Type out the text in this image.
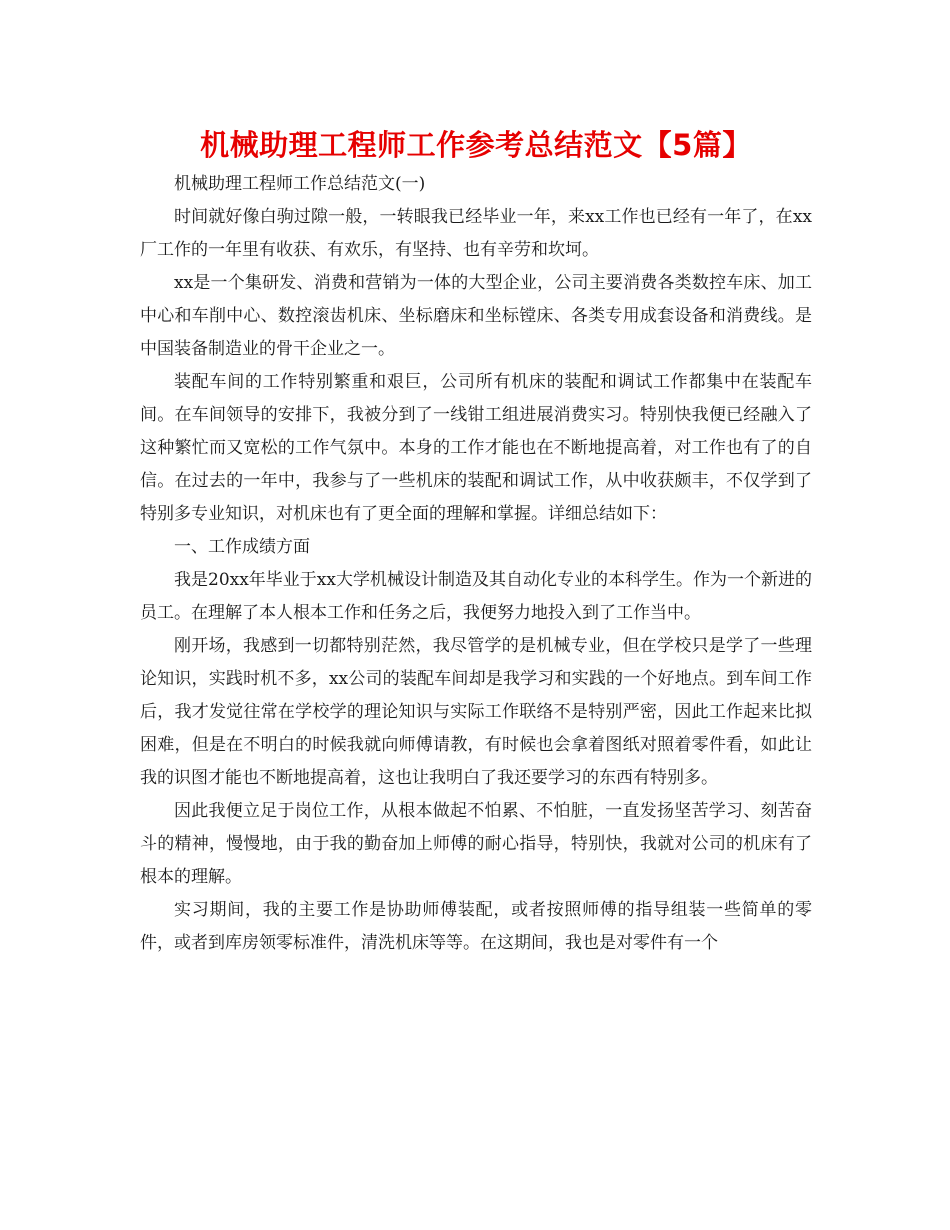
机械助理工程师工作参考总结范文【5篇】

机械助理工程师工作总结范文(一)

时间就好像白驹过隙一般，一转眼我已经毕业一年，来xx工作也已经有一年了，在xx厂工作的一年里有收获、有欢乐，有坚持、也有辛劳和坎坷。

xx是一个集研发、消费和营销为一体的大型企业，公司主要消费各类数控车床、加工中心和车削中心、数控滚齿机床、坐标磨床和坐标镗床、各类专用成套设备和消费线。是中国装备制造业的骨干企业之一。

装配车间的工作特别繁重和艰巨，公司所有机床的装配和调试工作都集中在装配车间。在车间领导的安排下，我被分到了一线钳工组进展消费实习。特别快我便已经融入了这种繁忙而又宽松的工作气氛中。本身的工作才能也在不断地提高着，对工作也有了的自信。在过去的一年中，我参与了一些机床的装配和调试工作，从中收获颇丰，不仅学到了特别多专业知识，对机床也有了更全面的理解和掌握。详细总结如下：

一、工作成绩方面

我是20xx年毕业于xx大学机械设计制造及其自动化专业的本科学生。作为一个新进的员工。在理解了本人根本工作和任务之后，我便努力地投入到了工作当中。

刚开场，我感到一切都特别茫然，我尽管学的是机械专业，但在学校只是学了一些理论知识，实践时机不多，xx公司的装配车间却是我学习和实践的一个好地点。到车间工作后，我才发觉往常在学校学的理论知识与实际工作联络不是特别严密，因此工作起来比拟困难，但是在不明白的时候我就向师傅请教，有时候也会拿着图纸对照着零件看，如此让我的识图才能也不断地提高着，这也让我明白了我还要学习的东西有特别多。

因此我便立足于岗位工作，从根本做起不怕累、不怕脏，一直发扬坚苦学习、刻苦奋斗的精神，慢慢地，由于我的勤奋加上师傅的耐心指导，特别快，我就对公司的机床有了根本的理解。

实习期间，我的主要工作是协助师傅装配，或者按照师傅的指导组装一些简单的零件，或者到库房领零标准件，清洗机床等等。在这期间，我也是对零件有一个
